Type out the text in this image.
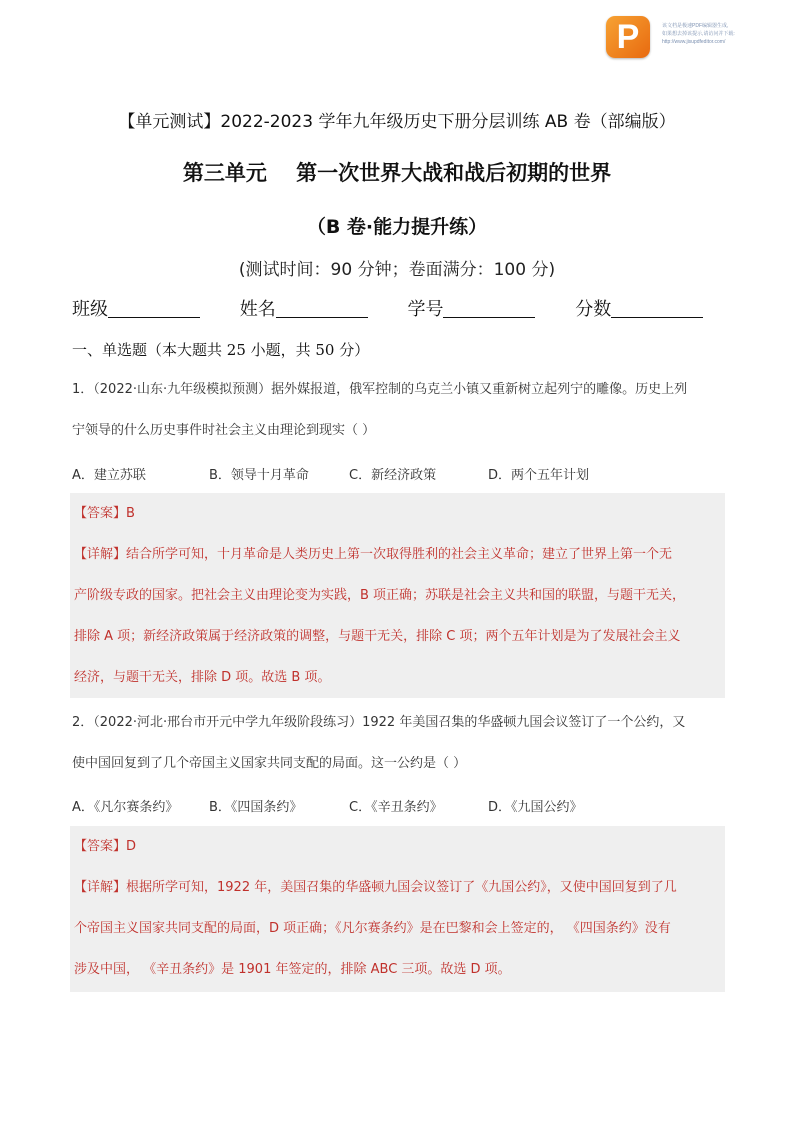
P	该文档是极速PDF编辑器生成,
如果想去掉该提示,请访问并下载:
http://www.jisupdfeditor.com/
【单元测试】2022-2023 学年九年级历史下册分层训练 AB 卷（部编版）
第三单元    第一次世界大战和战后初期的世界
（B 卷·能力提升练）
(测试时间：90 分钟；卷面满分：100 分)
班级	姓名	学号	分数
一、单选题（本大题共 25 小题，共 50 分）
1．（2022·山东·九年级模拟预测）据外媒报道，俄军控制的乌克兰小镇又重新树立起列宁的雕像。历史上列
宁领导的什么历史事件时社会主义由理论到现实（ ）
A．建立苏联	B．领导十月革命	C．新经济政策	D．两个五年计划
【答案】B
【详解】结合所学可知，十月革命是人类历史上第一次取得胜利的社会主义革命；建立了世界上第一个无
产阶级专政的国家。把社会主义由理论变为实践，B 项正确；苏联是社会主义共和国的联盟，与题干无关，
排除 A 项；新经济政策属于经济政策的调整，与题干无关，排除 C 项；两个五年计划是为了发展社会主义
经济，与题干无关，排除 D 项。故选 B 项。
2．（2022·河北·邢台市开元中学九年级阶段练习）1922 年美国召集的华盛顿九国会议签订了一个公约，又
使中国回复到了几个帝国主义国家共同支配的局面。这一公约是（ ）
A．《凡尔赛条约》 B．《四国条约》	C．《辛丑条约》	D．《九国公约》
【答案】D
【详解】根据所学可知，1922 年，美国召集的华盛顿九国会议签订了《九国公约》，又使中国回复到了几
个帝国主义国家共同支配的局面，D 项正确；《凡尔赛条约》是在巴黎和会上签定的， 《四国条约》没有
涉及中国， 《辛丑条约》是 1901 年签定的，排除 ABC 三项。故选 D 项。
